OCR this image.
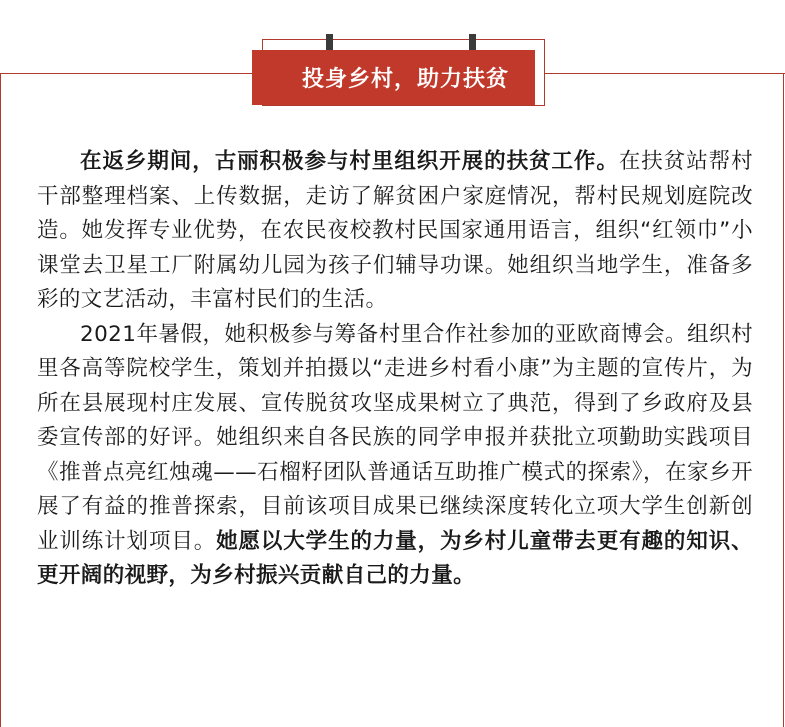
投身乡村，助力扶贫

在返乡期间，古丽积极参与村里组织开展的扶贫工作。在扶贫站帮村干部整理档案、上传数据，走访了解贫困户家庭情况，帮村民规划庭院改造。她发挥专业优势，在农民夜校教村民国家通用语言，组织“红领巾”小课堂去卫星工厂附属幼儿园为孩子们辅导功课。她组织当地学生，准备多彩的文艺活动，丰富村民们的生活。

2021年暑假，她积极参与筹备村里合作社参加的亚欧商博会。组织村里各高等院校学生，策划并拍摄以“走进乡村看小康”为主题的宣传片，为所在县展现村庄发展、宣传脱贫攻坚成果树立了典范，得到了乡政府及县委宣传部的好评。她组织来自各民族的同学申报并获批立项勤助实践项目《推普点亮红烛魂——石榴籽团队普通话互助推广模式的探索》，在家乡开展了有益的推普探索，目前该项目成果已继续深度转化立项大学生创新创业训练计划项目。她愿以大学生的力量，为乡村儿童带去更有趣的知识、更开阔的视野，为乡村振兴贡献自己的力量。
